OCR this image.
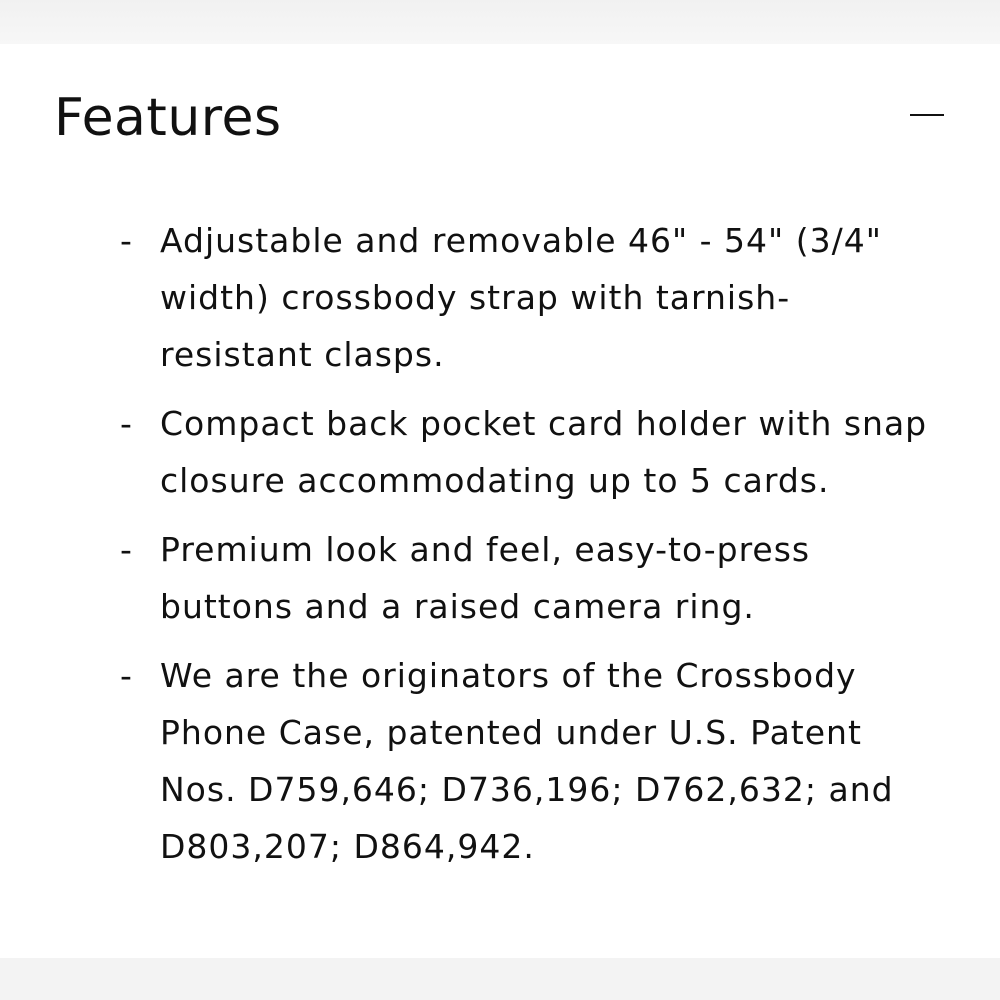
Features
- Adjustable and removable 46" - 54" (3/4" width) crossbody strap with tarnish-resistant clasps.
- Compact back pocket card holder with snap closure accommodating up to 5 cards.
- Premium look and feel, easy-to-press buttons and a raised camera ring.
- We are the originators of the Crossbody Phone Case, patented under U.S. Patent Nos. D759,646; D736,196; D762,632; and D803,207; D864,942.
